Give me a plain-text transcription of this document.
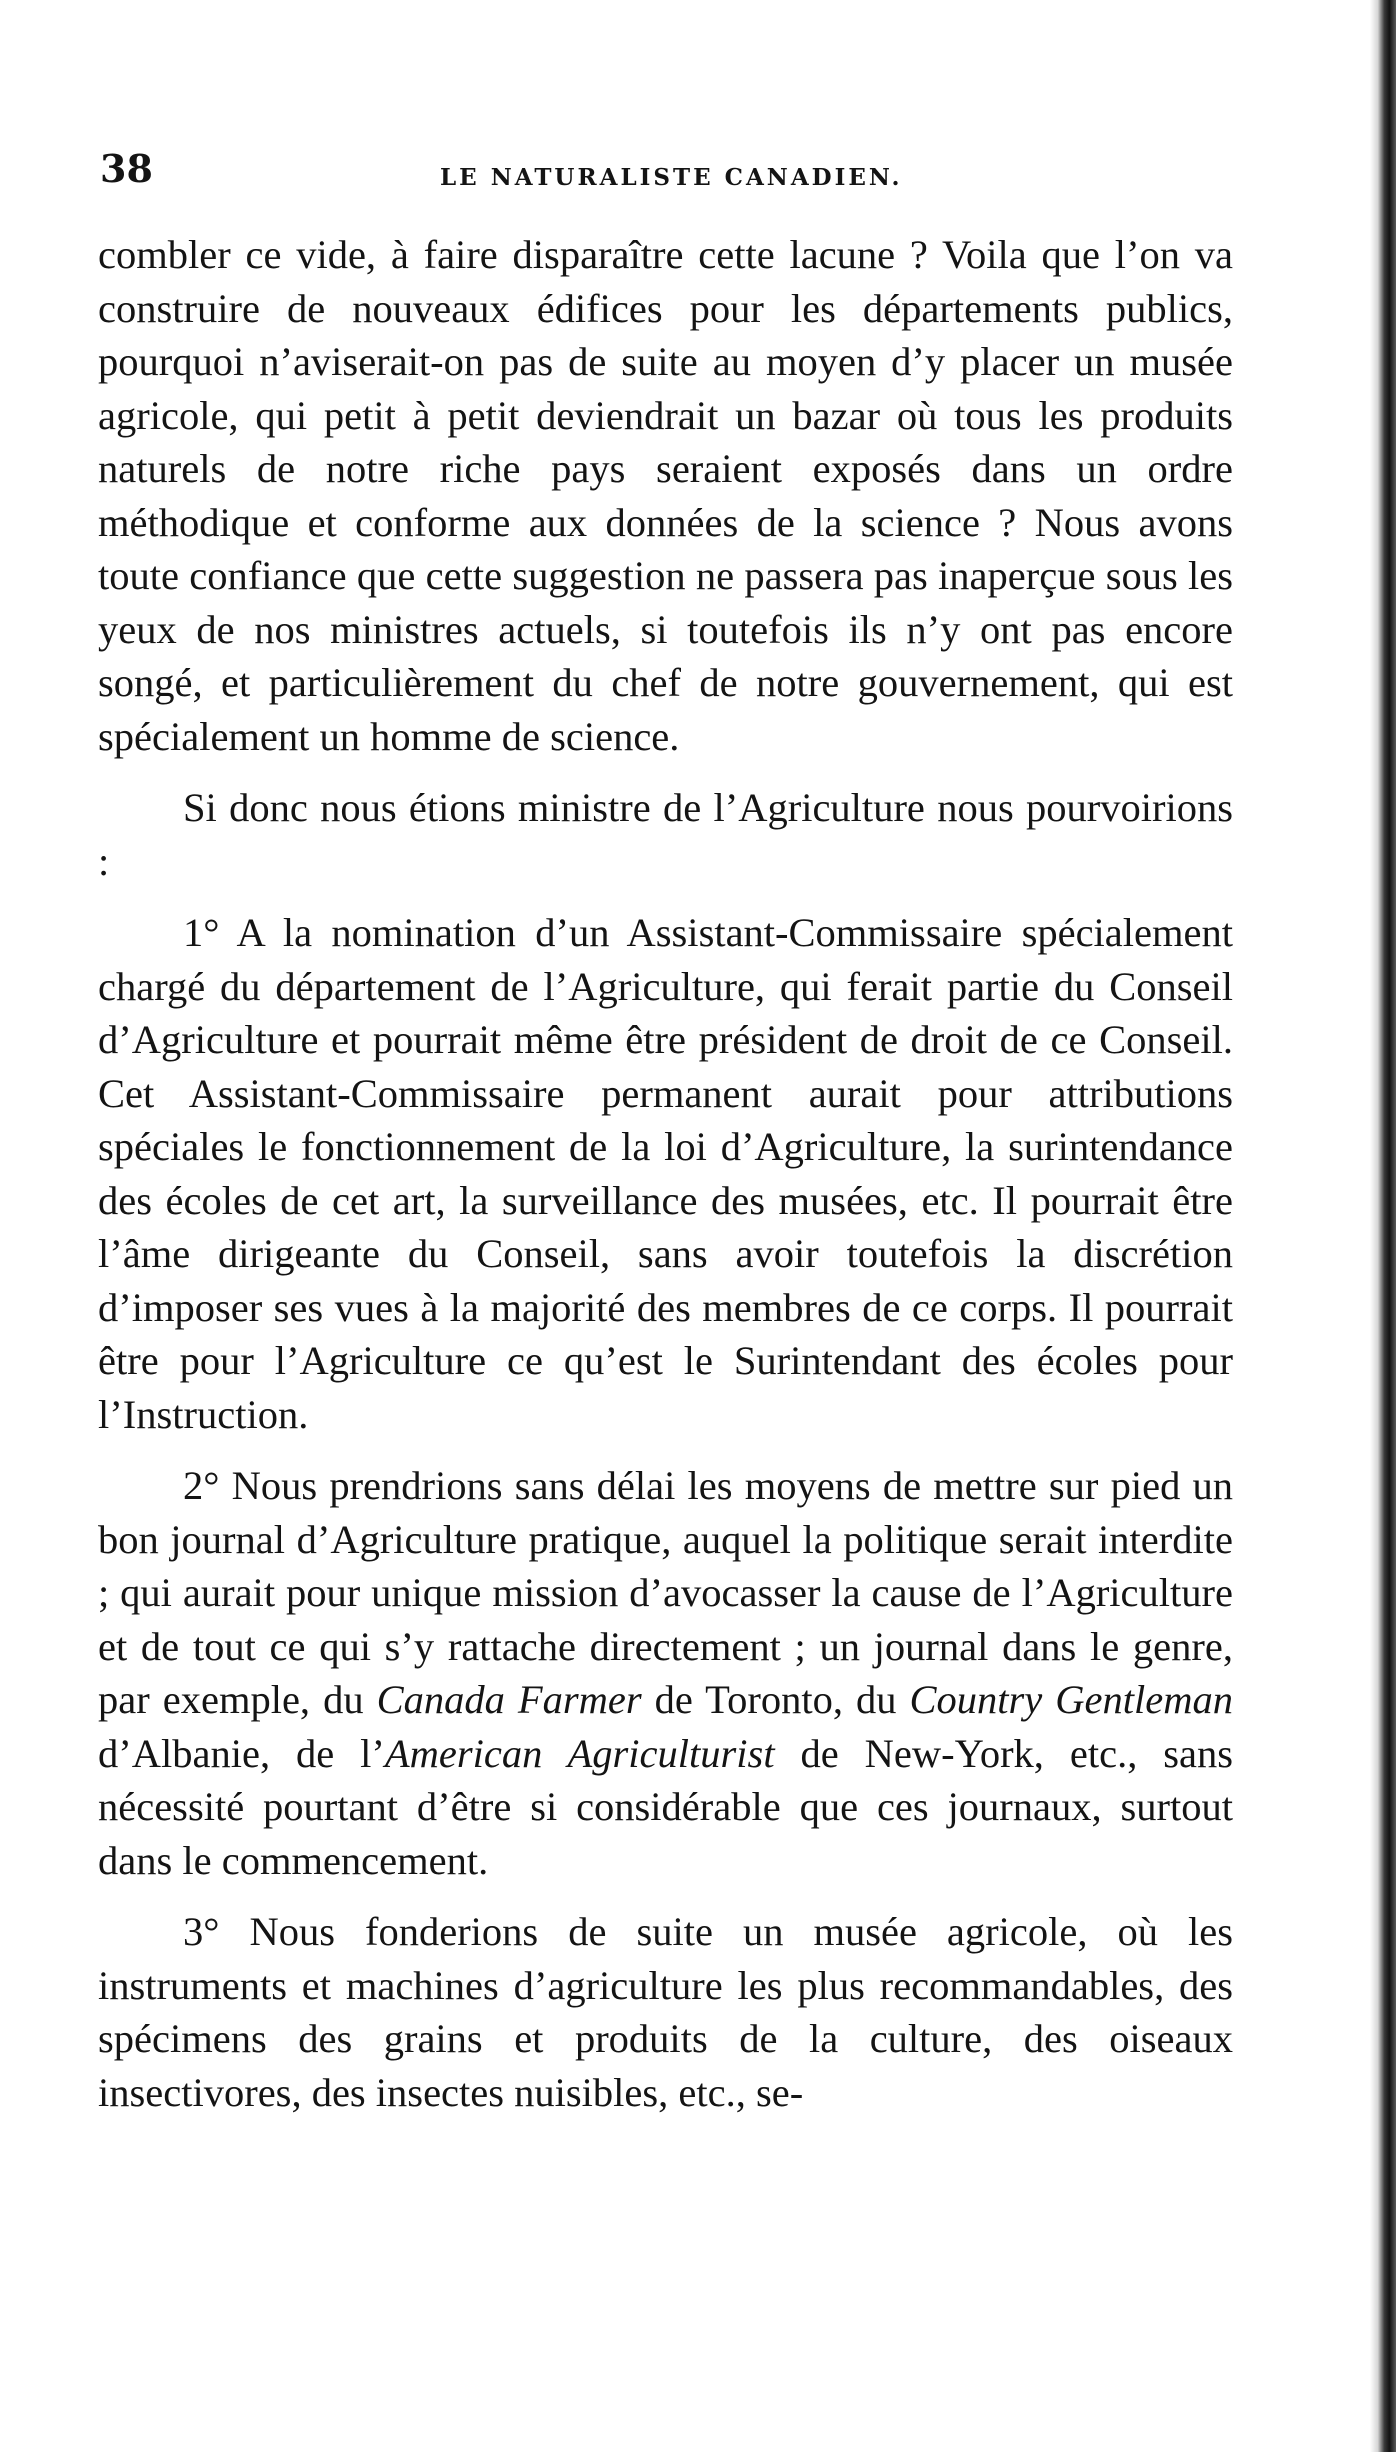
38	LE NATURALISTE CANADIEN.

combler ce vide, à faire disparaître cette lacune ? Voila que l’on va construire de nouveaux édifices pour les départements publics, pourquoi n’aviserait-on pas de suite au moyen d’y placer un musée agricole, qui petit à petit deviendrait un bazar où tous les produits naturels de notre riche pays seraient exposés dans un ordre méthodique et conforme aux données de la science ? Nous avons toute confiance que cette suggestion ne passera pas inaperçue sous les yeux de nos ministres actuels, si toutefois ils n’y ont pas encore songé, et particulièrement du chef de notre gouvernement, qui est spécialement un homme de science.

Si donc nous étions ministre de l’Agriculture nous pourvoirions :

1° A la nomination d’un Assistant-Commissaire spécialement chargé du département de l’Agriculture, qui ferait partie du Conseil d’Agriculture et pourrait même être président de droit de ce Conseil. Cet Assistant-Commissaire permanent aurait pour attributions spéciales le fonctionnement de la loi d’Agriculture, la surintendance des écoles de cet art, la surveillance des musées, etc. Il pourrait être l’âme dirigeante du Conseil, sans avoir toutefois la discrétion d’imposer ses vues à la majorité des membres de ce corps. Il pourrait être pour l’Agriculture ce qu’est le Surintendant des écoles pour l’Instruction.

2° Nous prendrions sans délai les moyens de mettre sur pied un bon journal d’Agriculture pratique, auquel la politique serait interdite ; qui aurait pour unique mission d’avocasser la cause de l’Agriculture et de tout ce qui s’y rattache directement ; un journal dans le genre, par exemple, du Canada Farmer de Toronto, du Country Gentleman d’Albanie, de l’American Agriculturist de New-York, etc., sans nécessité pourtant d’être si considérable que ces journaux, surtout dans le commencement.

3° Nous fonderions de suite un musée agricole, où les instruments et machines d’agriculture les plus recommandables, des spécimens des grains et produits de la culture, des oiseaux insectivores, des insectes nuisibles, etc., se-
